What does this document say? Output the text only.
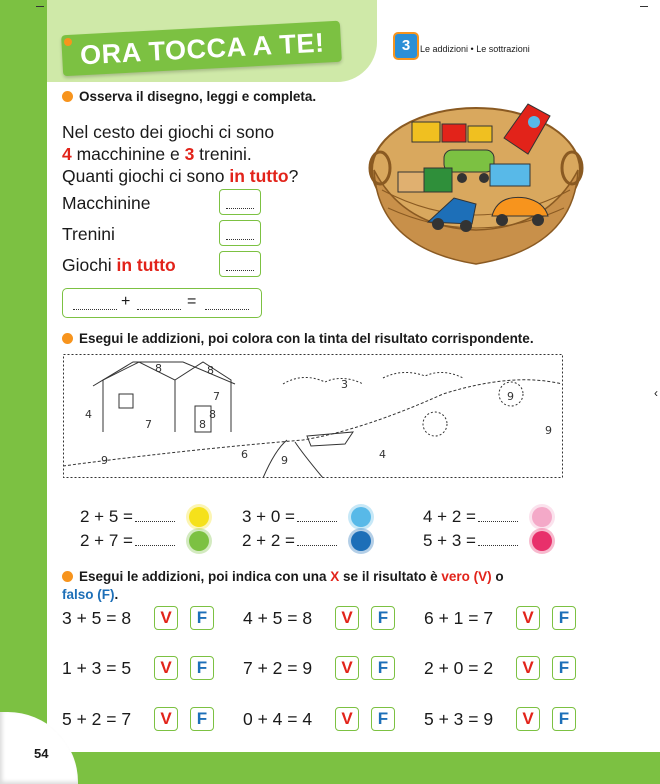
54
‹
ORA TOCCA A TE!	3	Le addizioni • Le sottrazioni
Osserva il disegno, leggi e completa.
Nel cesto dei giochi ci sono
4 macchinine e 3 trenini.
Quanti giochi ci sono in tutto?
Macchinine
Trenini
Giochi in tutto
+	=
Esegui le addizioni, poi colora con la tinta del risultato corrispondente.
8	8
4
7
7
8
8
3
9
9
9	6	9	4
2 + 5 =	3 + 0 =	4 + 2 =
2 + 7 =	2 + 2 =	5 + 3 =
Esegui le addizioni, poi indica con una X se il risultato è vero (V) o
falso (F).
3 + 5 = 8	V	F	4 + 5 = 8	V	F	6 + 1 = 7	V	F
1 + 3 = 5	V	F	7 + 2 = 9	V	F	2 + 0 = 2	V	F
5 + 2 = 7	V	F	0 + 4 = 4	V	F	5 + 3 = 9	V	F
